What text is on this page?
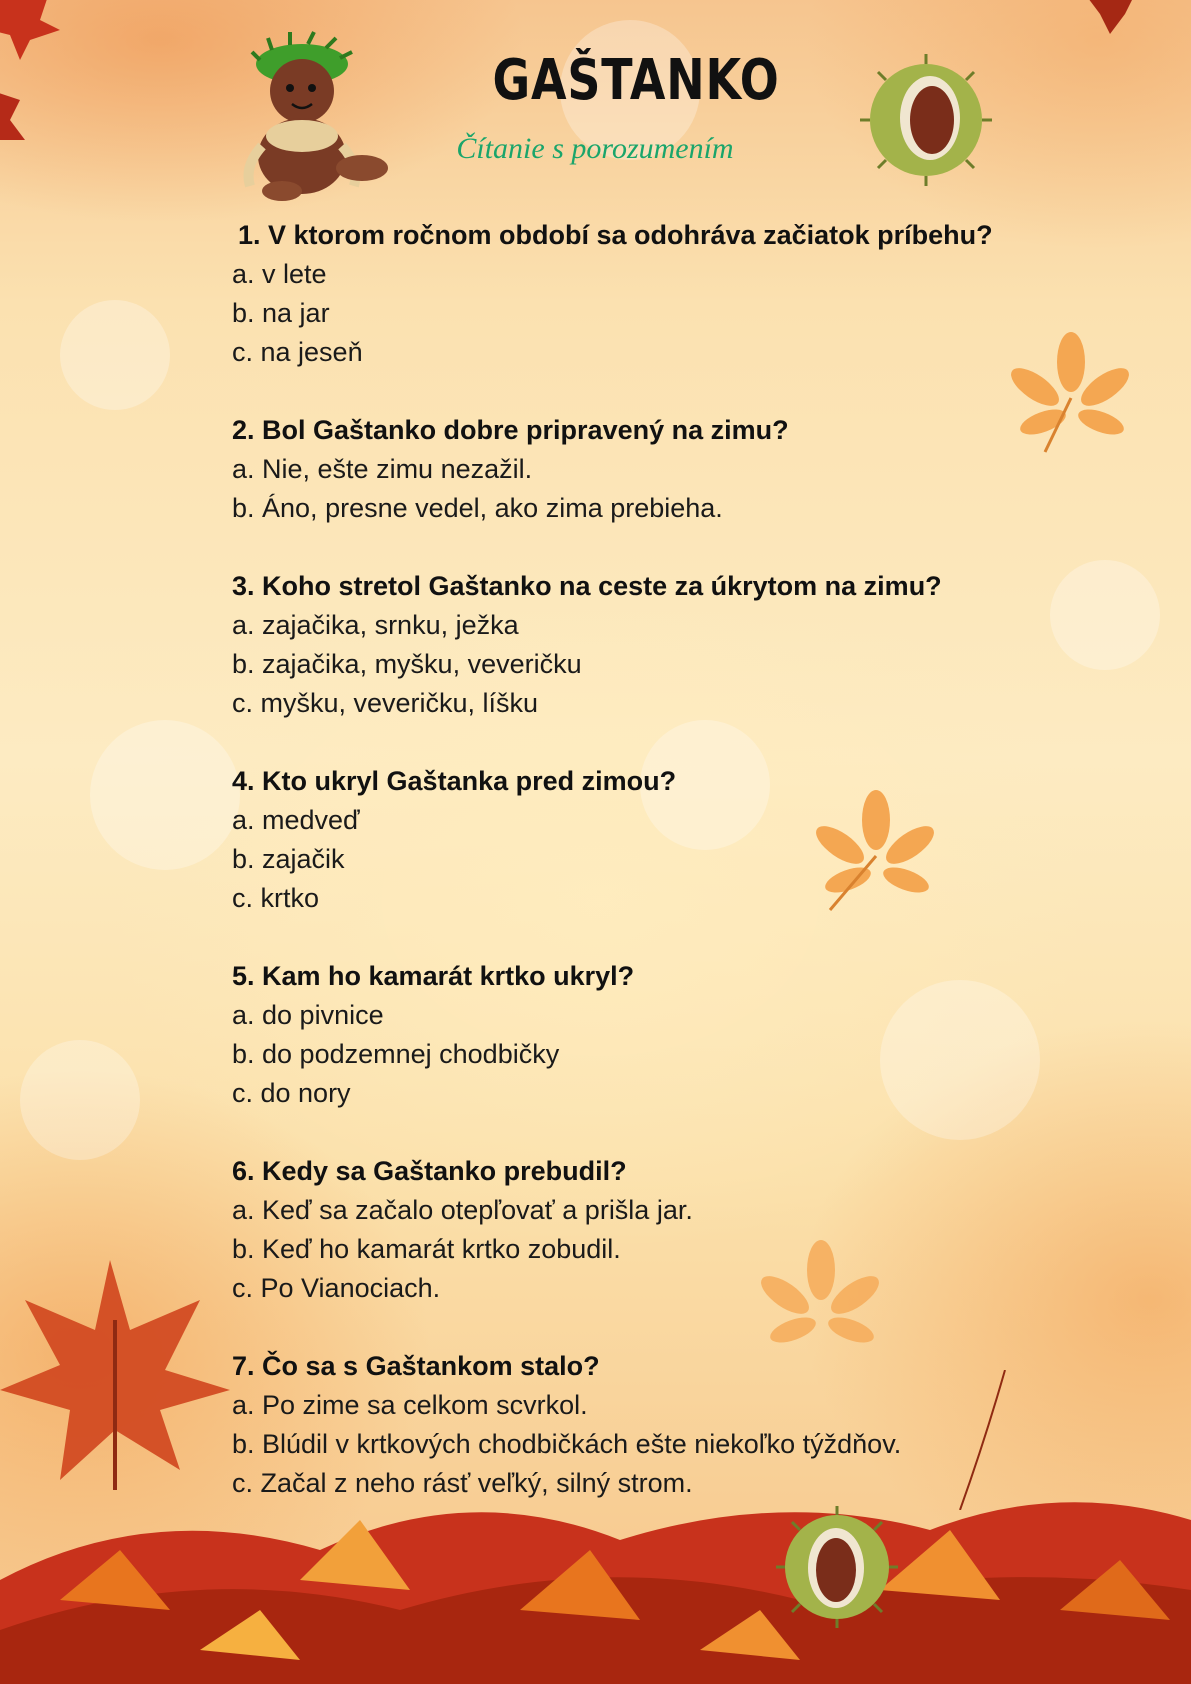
GAŠTANKO
Čítanie s porozumením
1. V ktorom ročnom období sa odohráva začiatok príbehu?
a. v lete
b. na jar
c. na jeseň
2. Bol Gaštanko dobre pripravený na zimu?
a. Nie, ešte zimu nezažil.
b. Áno, presne vedel, ako zima prebieha.
3. Koho stretol Gaštanko na ceste za úkrytom na zimu?
a. zajačika, srnku, ježka
b. zajačika, myšku, veveričku
c. myšku, veveričku, líšku
4. Kto ukryl Gaštanka pred zimou?
a. medveď
b. zajačik
c. krtko
5. Kam ho kamarát krtko ukryl?
a. do pivnice
b. do podzemnej chodbičky
c. do nory
6. Kedy sa Gaštanko prebudil?
a. Keď sa začalo otepľovať a prišla jar.
b. Keď ho kamarát krtko zobudil.
c. Po Vianociach.
7. Čo sa s Gaštankom stalo?
a. Po zime sa celkom scvrkol.
b. Blúdil v krtkových chodbičkách ešte niekoľko týždňov.
c. Začal z neho rásť veľký, silný strom.
